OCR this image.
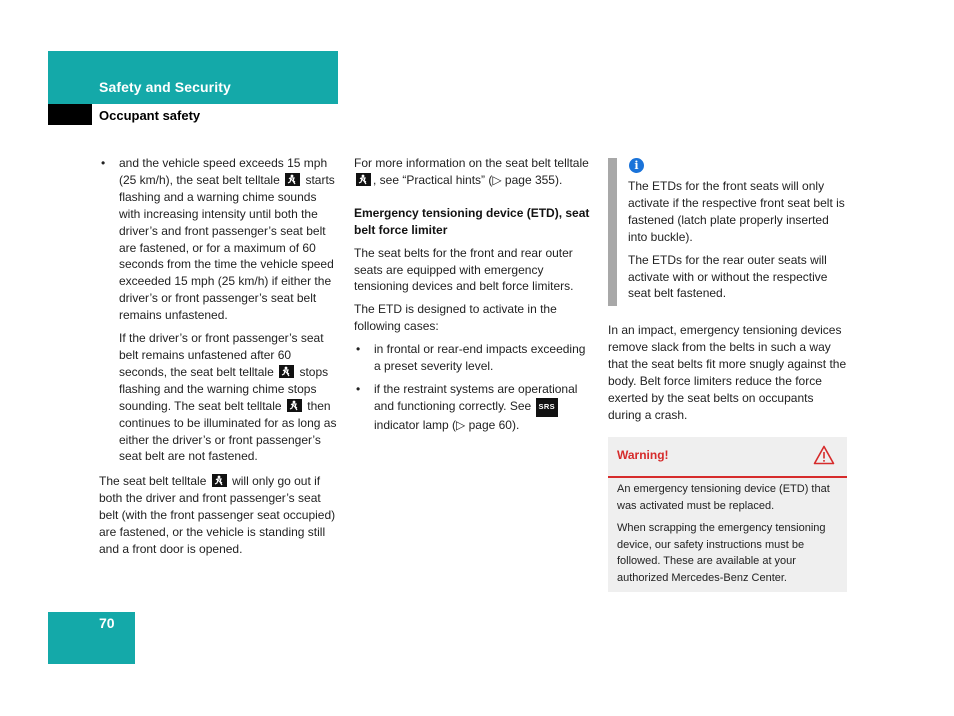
Safety and Security
Occupant safety

• and the vehicle speed exceeds 15 mph (25 km/h), the seat belt telltale starts flashing and a warning chime sounds with increasing intensity until both the driver’s and front passenger’s seat belt are fastened, or for a maximum of 60 seconds from the time the vehicle speed exceeded 15 mph (25 km/h) if either the driver’s or front passenger’s seat belt remains unfastened.

If the driver’s or front passenger’s seat belt remains unfastened after 60 seconds, the seat belt telltale stops flashing and the warning chime stops sounding. The seat belt telltale then continues to be illuminated for as long as either the driver’s or front passenger’s seat belt are not fastened.

The seat belt telltale will only go out if both the driver and front passenger’s seat belt (with the front passenger seat occupied) are fastened, or the vehicle is standing still and a front door is opened.

For more information on the seat belt telltale
, see “Practical hints” (▷ page 355).

Emergency tensioning device (ETD), seat belt force limiter

The seat belts for the front and rear outer seats are equipped with emergency tensioning devices and belt force limiters.

The ETD is designed to activate in the following cases:

• in frontal or rear-end impacts exceeding a preset severity level.

• if the restraint systems are operational and functioning correctly. See SRS indicator lamp (▷ page 60).

i

The ETDs for the front seats will only activate if the respective front seat belt is fastened (latch plate properly inserted into buckle).

The ETDs for the rear outer seats will activate with or without the respective seat belt fastened.

In an impact, emergency tensioning devices remove slack from the belts in such a way that the seat belts fit more snugly against the body. Belt force limiters reduce the force exerted by the seat belts on occupants during a crash.
Warning!

An emergency tensioning device (ETD) that was activated must be replaced.

When scrapping the emergency tensioning device, our safety instructions must be followed. These are available at your authorized Mercedes-Benz Center.

70
